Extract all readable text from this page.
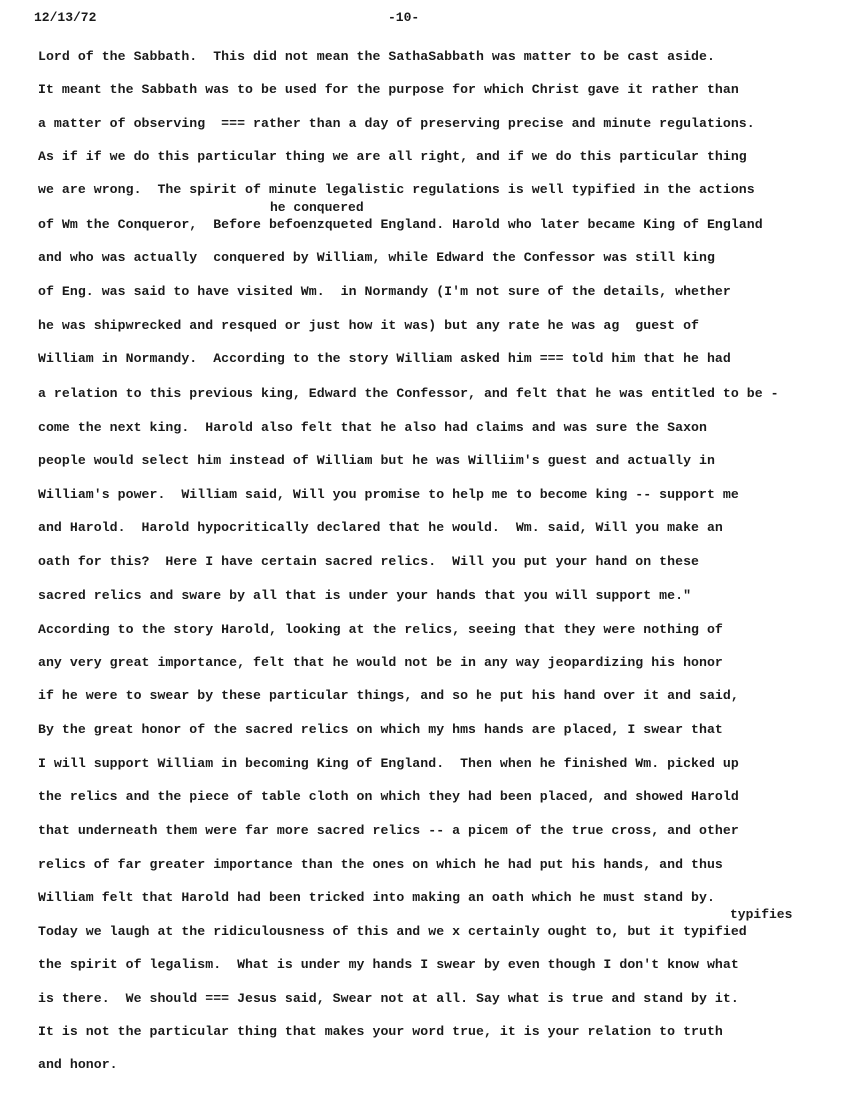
12/13/72	-10-
he conquered
typifies
Lord of the Sabbath.  This did not mean the SathaSabbath was matter to be cast aside.
It meant the Sabbath was to be used for the purpose for which Christ gave it rather than
a matter of observing  === rather than a day of preserving precise and minute regulations.
As if if we do this particular thing we are all right, and if we do this particular thing
we are wrong.  The spirit of minute legalistic regulations is well typified in the actions
of Wm the Conqueror,  Before befoenzqueted England. Harold who later became King of England
and who was actually  conquered by William, while Edward the Confessor was still king
of Eng. was said to have visited Wm.  in Normandy (I'm not sure of the details, whether
he was shipwrecked and resqued or just how it was) but any rate he was ag  guest of
William in Normandy.  According to the story William asked him === told him that he had
a relation to this previous king, Edward the Confessor, and felt that he was entitled to be -
come the next king.  Harold also felt that he also had claims and was sure the Saxon
people would select him instead of William but he was Williim's guest and actually in
William's power.  William said, Will you promise to help me to become king -- support me
and Harold.  Harold hypocritically declared that he would.  Wm. said, Will you make an
oath for this?  Here I have certain sacred relics.  Will you put your hand on these
sacred relics and sware by all that is under your hands that you will support me."
According to the story Harold, looking at the relics, seeing that they were nothing of
any very great importance, felt that he would not be in any way jeopardizing his honor
if he were to swear by these particular things, and so he put his hand over it and said,
By the great honor of the sacred relics on which my hms hands are placed, I swear that
I will support William in becoming King of England.  Then when he finished Wm. picked up
the relics and the piece of table cloth on which they had been placed, and showed Harold
that underneath them were far more sacred relics -- a picem of the true cross, and other
relics of far greater importance than the ones on which he had put his hands, and thus
William felt that Harold had been tricked into making an oath which he must stand by.
Today we laugh at the ridiculousness of this and we x certainly ought to, but it typified
the spirit of legalism.  What is under my hands I swear by even though I don't know what
is there.  We should === Jesus said, Swear not at all. Say what is true and stand by it.
It is not the particular thing that makes your word true, it is your relation to truth
and honor.
